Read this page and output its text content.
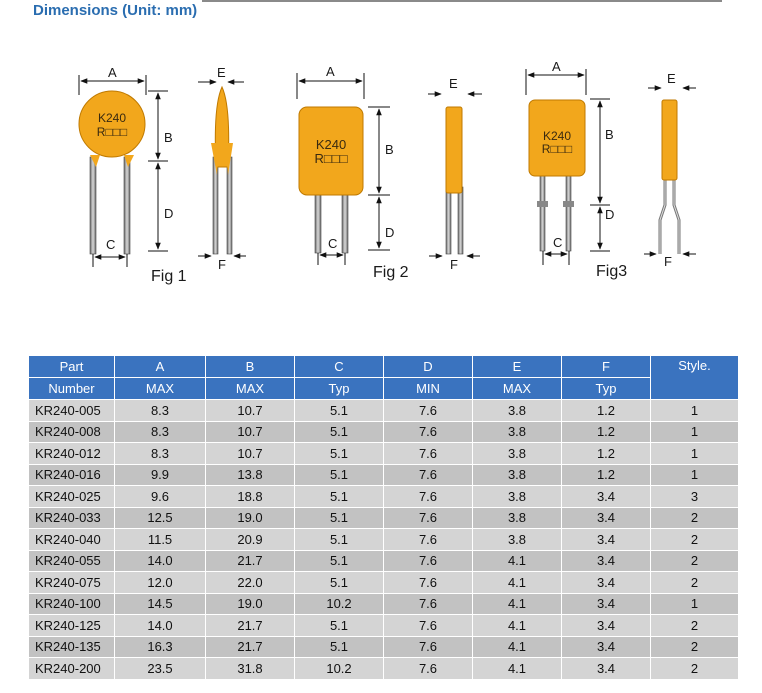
Dimensions (Unit: mm)
A
K240
R□□□	B
D
C
Fig 1
E
F
A
K240
R□□□
B
D
C
Fig 2
E
F
A
K240
R□□□
B
D
C
Fig3
E
F
Part	A	B	C	D	E	F	Style.
Number	MAX	MAX	Typ	MIN	MAX	Typ	
KR240-005	8.3	10.7	5.1	7.6	3.8	1.2	1
KR240-008	8.3	10.7	5.1	7.6	3.8	1.2	1
KR240-012	8.3	10.7	5.1	7.6	3.8	1.2	1
KR240-016	9.9	13.8	5.1	7.6	3.8	1.2	1
KR240-025	9.6	18.8	5.1	7.6	3.8	3.4	3
KR240-033	12.5	19.0	5.1	7.6	3.8	3.4	2
KR240-040	11.5	20.9	5.1	7.6	3.8	3.4	2
KR240-055	14.0	21.7	5.1	7.6	4.1	3.4	2
KR240-075	12.0	22.0	5.1	7.6	4.1	3.4	2
KR240-100	14.5	19.0	10.2	7.6	4.1	3.4	1
KR240-125	14.0	21.7	5.1	7.6	4.1	3.4	2
KR240-135	16.3	21.7	5.1	7.6	4.1	3.4	2
KR240-200	23.5	31.8	10.2	7.6	4.1	3.4	2
